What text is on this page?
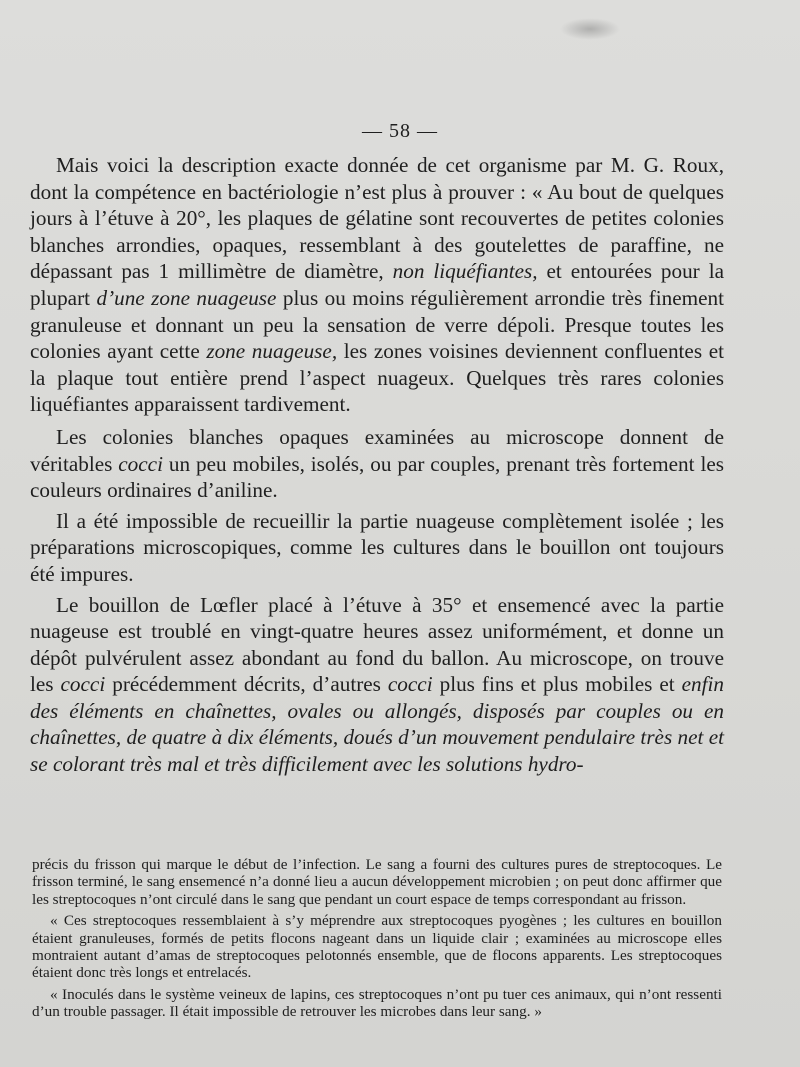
— 58 —

Mais voici la description exacte donnée de cet organisme par M. G. Roux, dont la compétence en bactériologie n’est plus à prouver : « Au bout de quelques jours à l’étuve à 20°, les plaques de gélatine sont recouvertes de petites colonies blanches arrondies, opaques, ressemblant à des goutelettes de paraffine, ne dépassant pas 1 millimètre de diamètre, non liquéfiantes, et entourées pour la plupart d’une zone nuageuse plus ou moins régulièrement arrondie très finement granuleuse et donnant un peu la sensation de verre dépoli. Presque toutes les colonies ayant cette zone nuageuse, les zones voisines deviennent confluentes et la plaque tout entière prend l’aspect nuageux. Quelques très rares colonies liquéfiantes apparaissent tardivement.

Les colonies blanches opaques examinées au microscope donnent de véritables cocci un peu mobiles, isolés, ou par couples, prenant très fortement les couleurs ordinaires d’aniline.

Il a été impossible de recueillir la partie nuageuse complètement isolée ; les préparations microscopiques, comme les cultures dans le bouillon ont toujours été impures.

Le bouillon de Lœfler placé à l’étuve à 35° et ensemencé avec la partie nuageuse est troublé en vingt-quatre heures assez uniformément, et donne un dépôt pulvérulent assez abondant au fond du ballon. Au microscope, on trouve les cocci précédemment décrits, d’autres cocci plus fins et plus mobiles et enfin des éléments en chaînettes, ovales ou allongés, disposés par couples ou en chaînettes, de quatre à dix éléments, doués d’un mouvement pendulaire très net et se colorant très mal et très difficilement avec les solutions hydro-

précis du frisson qui marque le début de l’infection. Le sang a fourni des cultures pures de streptocoques. Le frisson terminé, le sang ensemencé n’a donné lieu a aucun développement microbien ; on peut donc affirmer que les streptocoques n’ont circulé dans le sang que pendant un court espace de temps correspondant au frisson.

« Ces streptocoques ressemblaient à s’y méprendre aux streptocoques pyogènes ; les cultures en bouillon étaient granuleuses, formés de petits flocons nageant dans un liquide clair ; examinées au microscope elles montraient autant d’amas de streptocoques pelotonnés ensemble, que de flocons apparents. Les streptocoques étaient donc très longs et entrelacés.

« Inoculés dans le système veineux de lapins, ces streptocoques n’ont pu tuer ces animaux, qui n’ont ressenti d’un trouble passager. Il était impossible de retrouver les microbes dans leur sang. »
